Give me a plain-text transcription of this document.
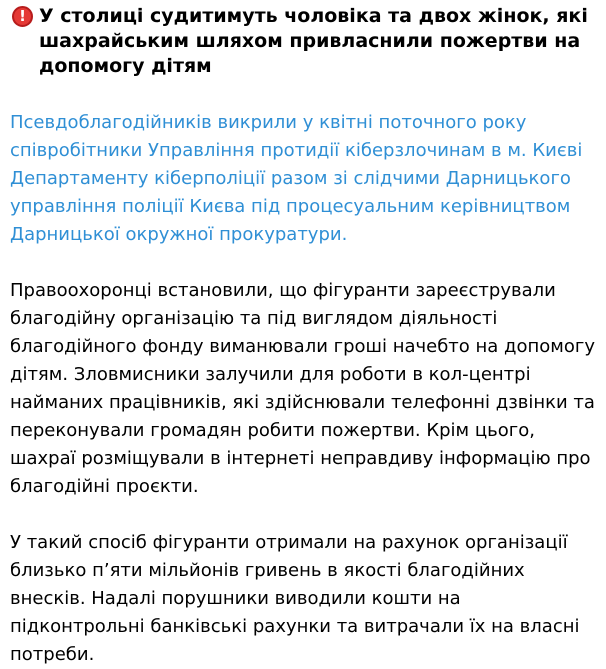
! У столиці судитимуть чоловіка та двох жінок, які шахрайським шляхом привласнили пожертви на допомогу дітям

Псевдоблагодійників викрили у квітні поточного року співробітники Управління протидії кіберзлочинам в м. Києві Департаменту кіберполіції разом зі слідчими Дарницького управління поліції Києва під процесуальним керівництвом Дарницької окружної прокуратури.

Правоохоронці встановили, що фігуранти зареєстрували благодійну організацію та під виглядом діяльності благодійного фонду виманювали гроші начебто на допомогу дітям. Зловмисники залучили для роботи в кол-центрі найманих працівників, які здійснювали телефонні дзвінки та переконували громадян робити пожертви. Крім цього, шахраї розміщували в інтернеті неправдиву інформацію про благодійні проєкти.

У такий спосіб фігуранти отримали на рахунок організації близько п’яти мільйонів гривень в якості благодійних внесків. Надалі порушники виводили кошти на підконтрольні банківські рахунки та витрачали їх на власні потреби.
